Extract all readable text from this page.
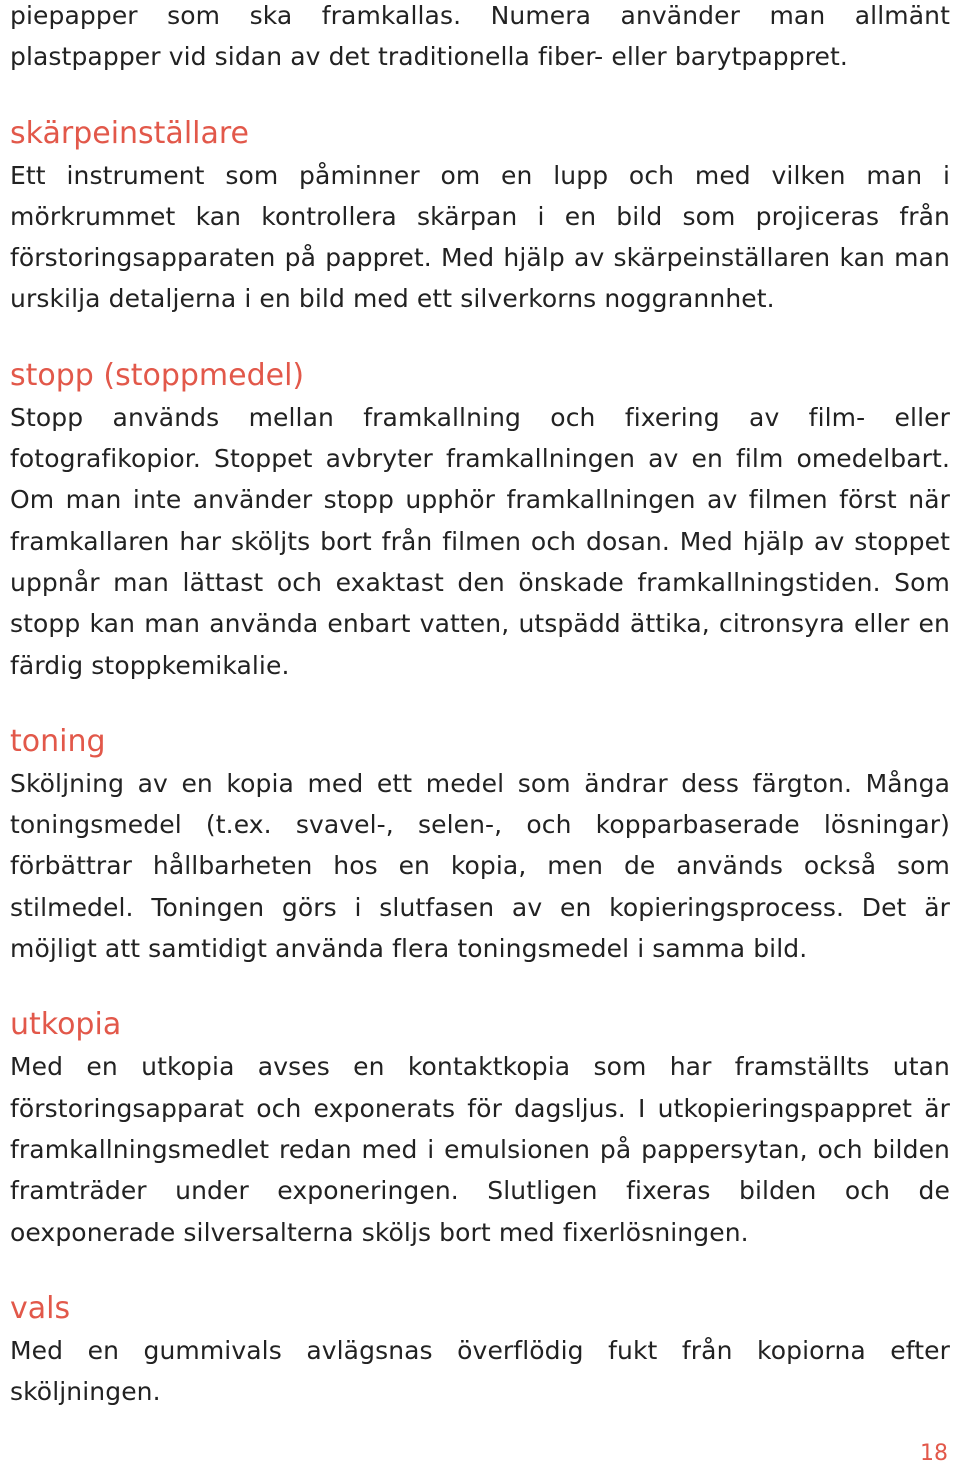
piepapper som ska framkallas. Numera använder man allmänt plastpapper vid sidan av det traditionella fiber- eller barytpappret.

skärpeinställare

Ett instrument som påminner om en lupp och med vilken man i mörkrummet kan kontrollera skärpan i en bild som projiceras från förstoringsapparaten på pappret. Med hjälp av skärpeinställaren kan man urskilja detaljerna i en bild med ett silverkorns noggrannhet.

stopp (stoppmedel)

Stopp används mellan framkallning och fixering av film- eller fotografikopior. Stoppet avbryter framkallningen av en film omedelbart. Om man inte använder stopp upphör framkallningen av filmen först när framkallaren har sköljts bort från filmen och dosan. Med hjälp av stoppet uppnår man lättast och exaktast den önskade framkallningstiden. Som stopp kan man använda enbart vatten, utspädd ättika, citronsyra eller en färdig stoppkemikalie.

toning

Sköljning av en kopia med ett medel som ändrar dess färgton. Många toningsmedel (t.ex. svavel-, selen-, och kopparbaserade lösningar) förbättrar hållbarheten hos en kopia, men de används också som stilmedel. Toningen görs i slutfasen av en kopieringsprocess. Det är möjligt att samtidigt använda flera toningsmedel i samma bild.

utkopia

Med en utkopia avses en kontaktkopia som har framställts utan förstoringsapparat och exponerats för dagsljus. I utkopieringspappret är framkallningsmedlet redan med i emulsionen på pappersytan, och bilden framträder under exponeringen. Slutligen fixeras bilden och de oexponerade silversalterna sköljs bort med fixerlösningen.

vals

Med en gummivals avlägsnas överflödig fukt från kopiorna efter sköljningen.

18
